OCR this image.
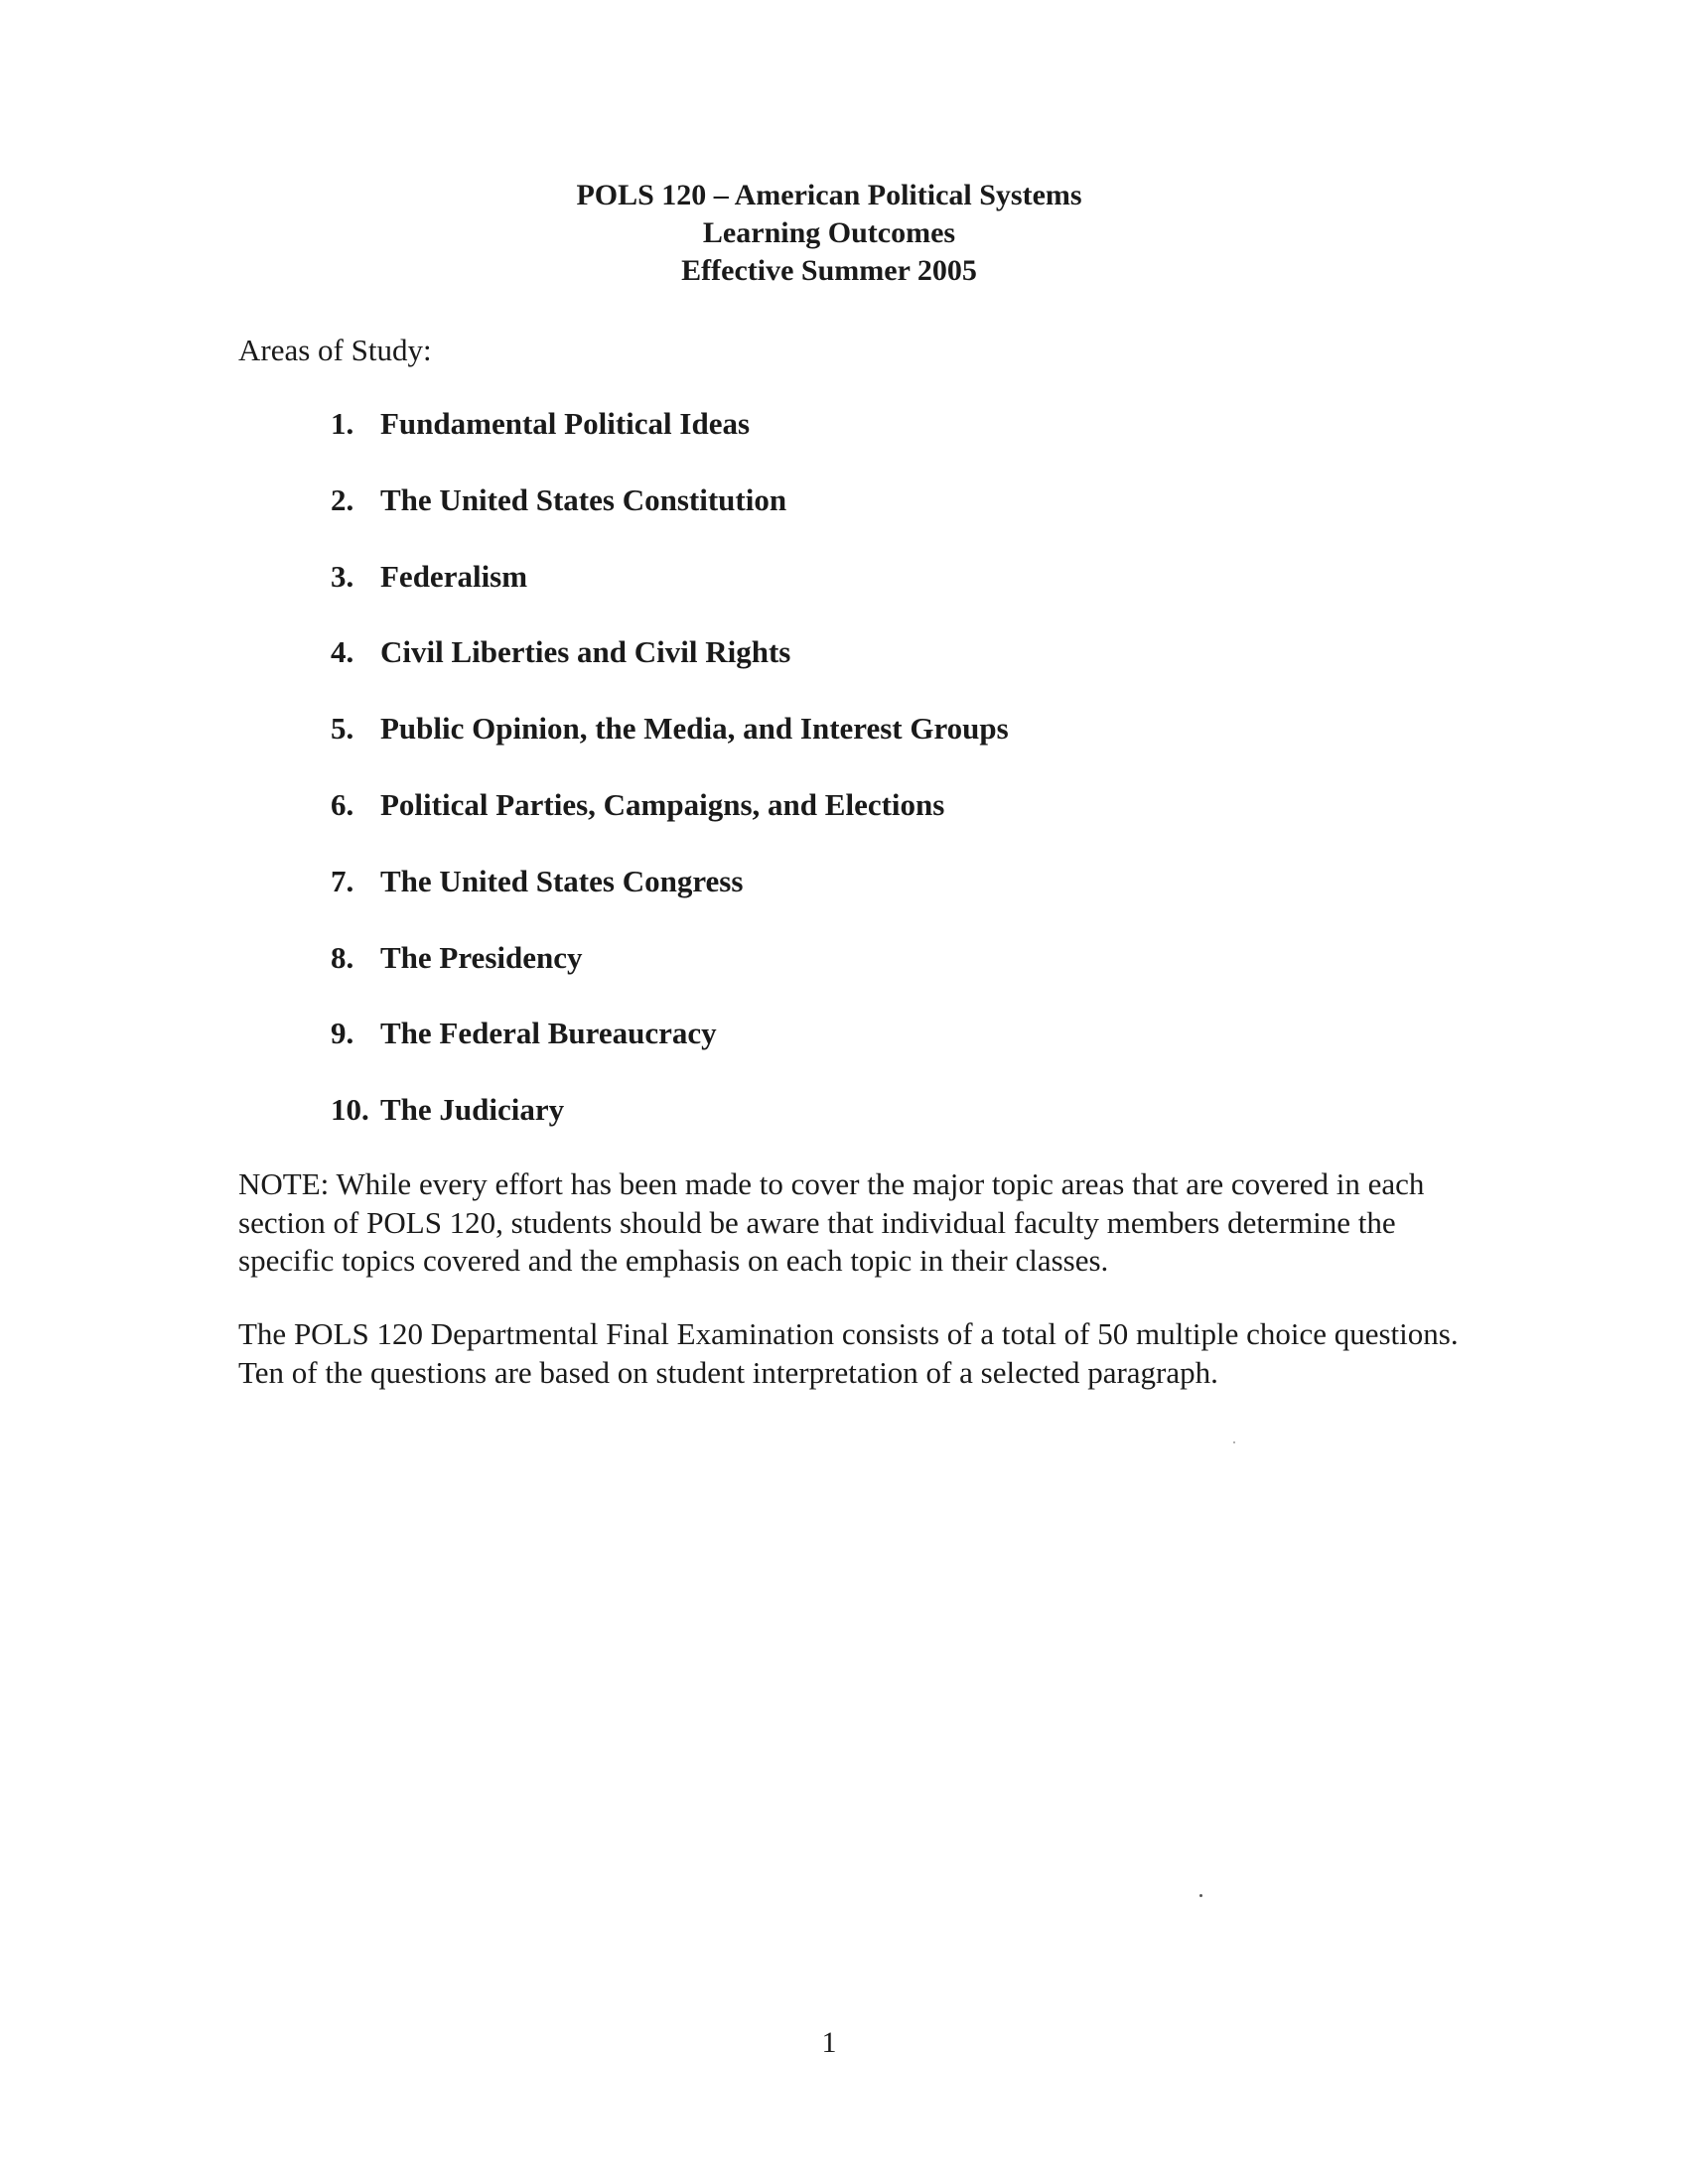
POLS 120 – American Political Systems
Learning Outcomes
Effective Summer 2005
Areas of Study:
1. Fundamental Political Ideas
2. The United States Constitution
3. Federalism
4. Civil Liberties and Civil Rights
5. Public Opinion, the Media, and Interest Groups
6. Political Parties, Campaigns, and Elections
7. The United States Congress
8. The Presidency
9. The Federal Bureaucracy
10. The Judiciary

NOTE: While every effort has been made to cover the major topic areas that are covered in each section of POLS 120, students should be aware that individual faculty members determine the specific topics covered and the emphasis on each topic in their classes.

The POLS 120 Departmental Final Examination consists of a total of 50 multiple choice questions. Ten of the questions are based on student interpretation of a selected paragraph.

1
